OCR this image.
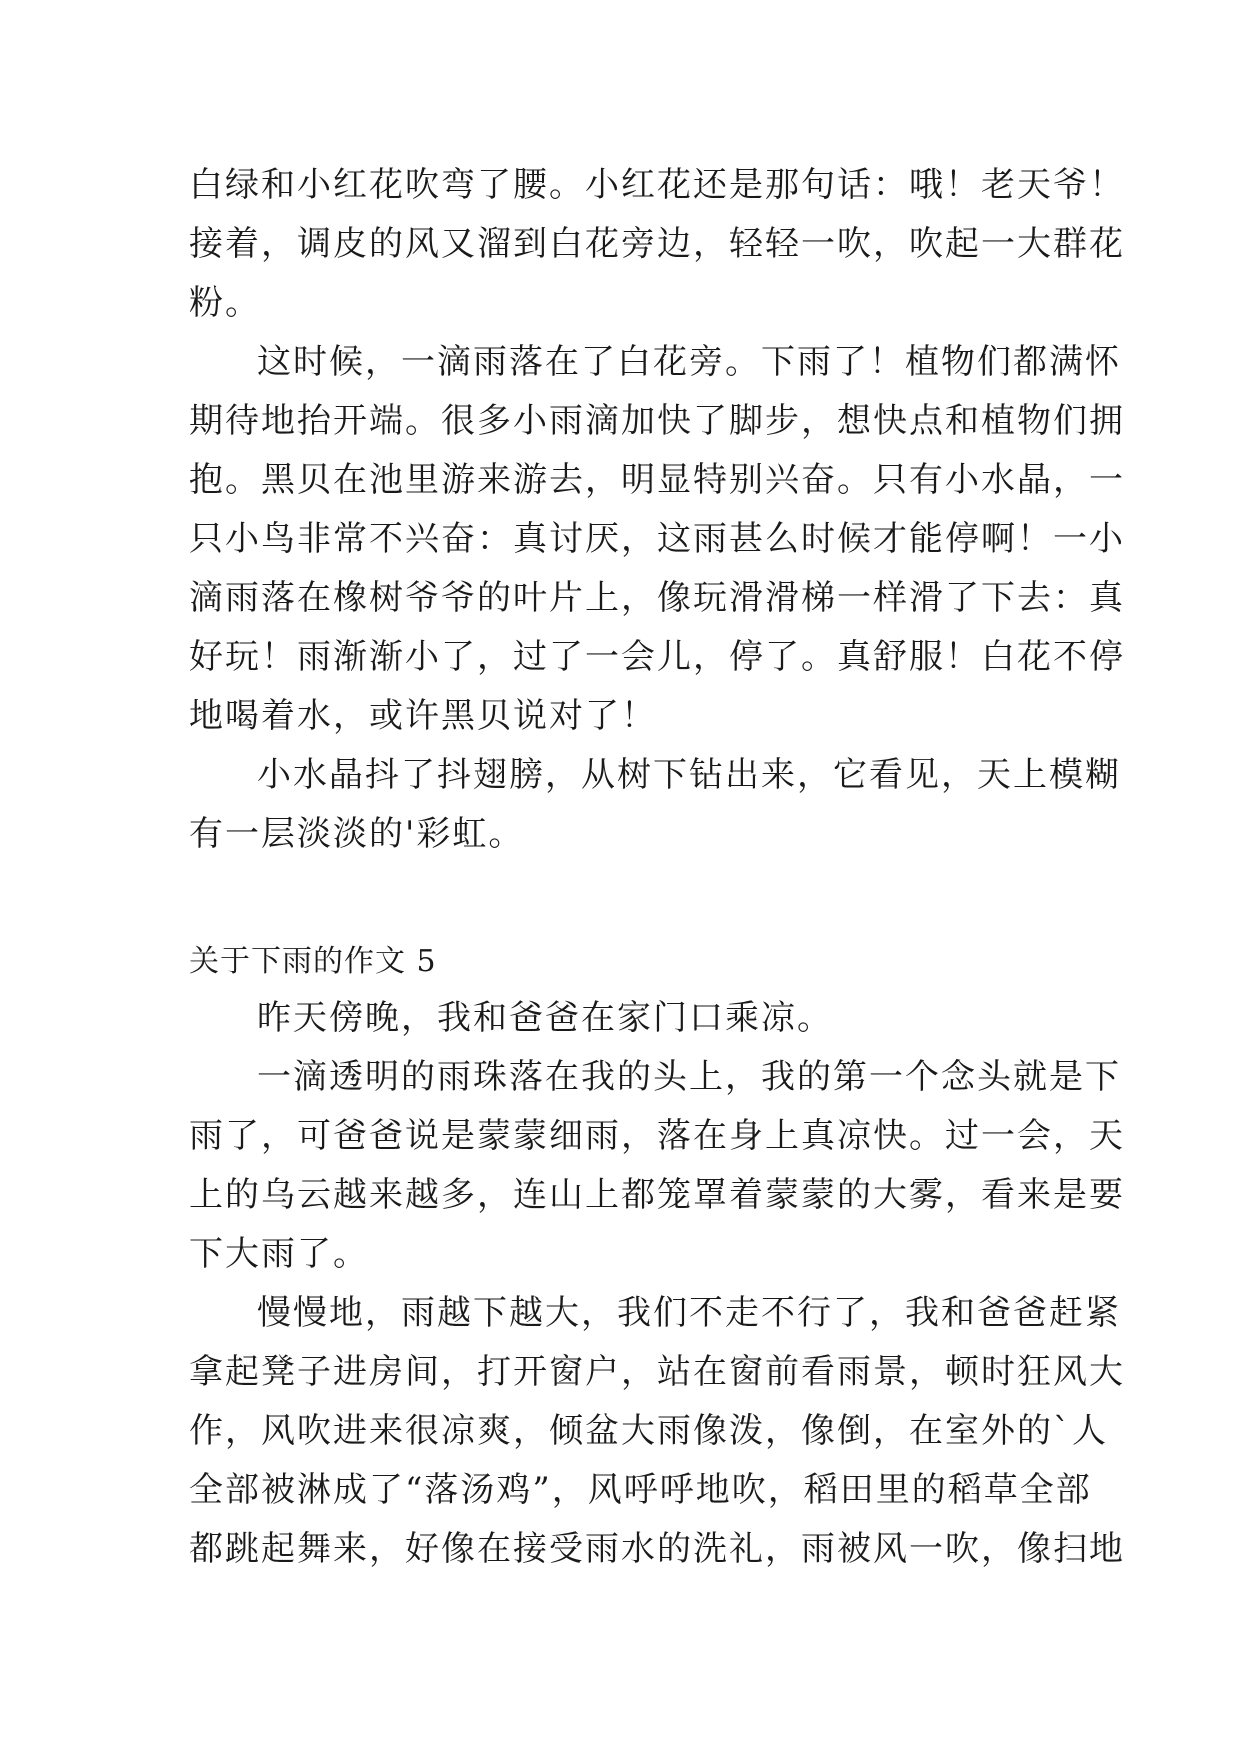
白绿和小红花吹弯了腰。小红花还是那句话：哦！老天爷！
接着，调皮的风又溜到白花旁边，轻轻一吹，吹起一大群花
粉。
这时候，一滴雨落在了白花旁。下雨了！植物们都满怀
期待地抬开端。很多小雨滴加快了脚步，想快点和植物们拥
抱。黑贝在池里游来游去，明显特别兴奋。只有小水晶，一
只小鸟非常不兴奋：真讨厌，这雨甚么时候才能停啊！一小
滴雨落在橡树爷爷的叶片上，像玩滑滑梯一样滑了下去：真
好玩！雨渐渐小了，过了一会儿，停了。真舒服！白花不停
地喝着水，或许黑贝说对了！
小水晶抖了抖翅膀，从树下钻出来，它看见，天上模糊
有一层淡淡的'彩虹。
关于下雨的作文 5
昨天傍晚，我和爸爸在家门口乘凉。
一滴透明的雨珠落在我的头上，我的第一个念头就是下
雨了，可爸爸说是蒙蒙细雨，落在身上真凉快。过一会，天
上的乌云越来越多，连山上都笼罩着蒙蒙的大雾，看来是要
下大雨了。
慢慢地，雨越下越大，我们不走不行了，我和爸爸赶紧
拿起凳子进房间，打开窗户，站在窗前看雨景，顿时狂风大
作，风吹进来很凉爽，倾盆大雨像泼，像倒，在室外的`人
全部被淋成了“落汤鸡”，风呼呼地吹，稻田里的稻草全部
都跳起舞来，好像在接受雨水的洗礼，雨被风一吹，像扫地
